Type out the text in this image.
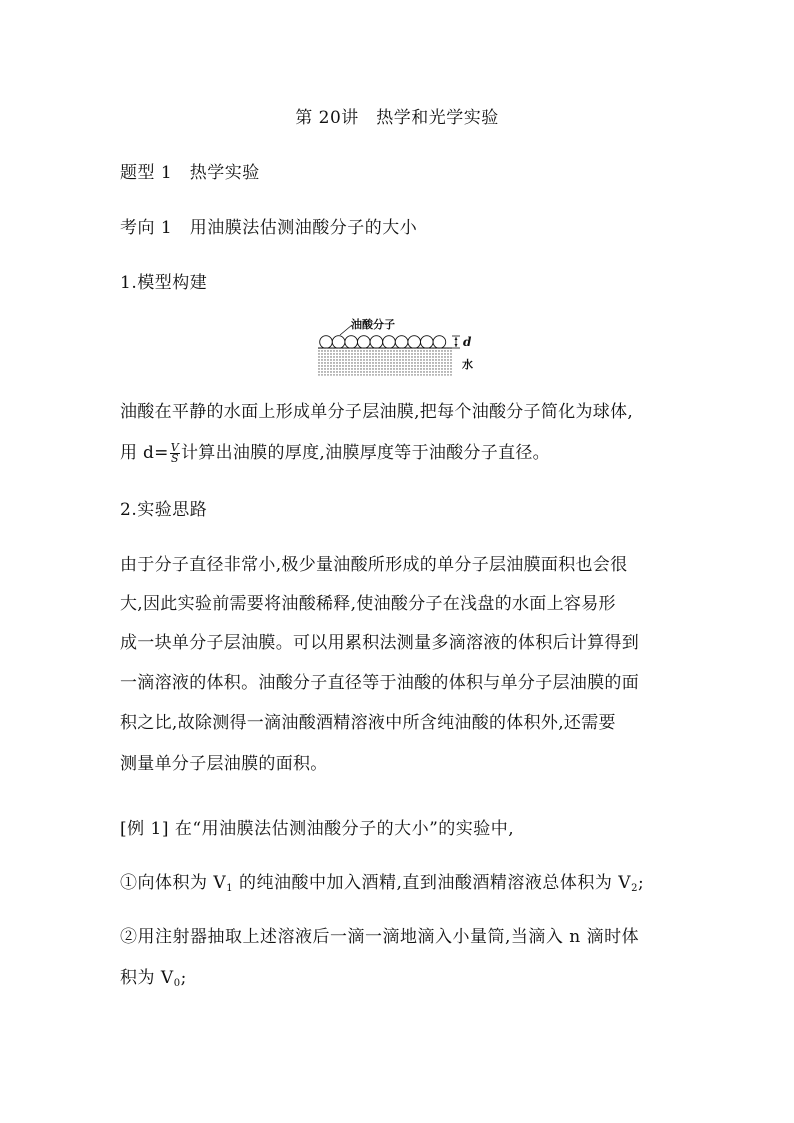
第 20讲　热学和光学实验
题型 1　热学实验
考向 1　用油膜法估测油酸分子的大小
1.模型构建
油酸分子
d
水
油酸在平静的水面上形成单分子层油膜,把每个油酸分子简化为球体,
用 $d= \frac{V}{S}$ 计算出油膜的厚度,油膜厚度等于油酸分子直径。
2.实验思路
由于分子直径非常小,极少量油酸所形成的单分子层油膜面积也会很
大,因此实验前需要将油酸稀释,使油酸分子在浅盘的水面上容易形
成一块单分子层油膜。可以用累积法测量多滴溶液的体积后计算得到
一滴溶液的体积。油酸分子直径等于油酸的体积与单分子层油膜的面
积之比,故除测得一滴油酸酒精溶液中所含纯油酸的体积外,还需要
测量单分子层油膜的面积。
[例 1] 在“用油膜法估测油酸分子的大小”的实验中,
①向体积为 $V_1$ 的纯油酸中加入酒精,直到油酸酒精溶液总体积为 $V_2$;
②用注射器抽取上述溶液后一滴一滴地滴入小量筒,当滴入 n 滴时体
积为 $V_0$;
